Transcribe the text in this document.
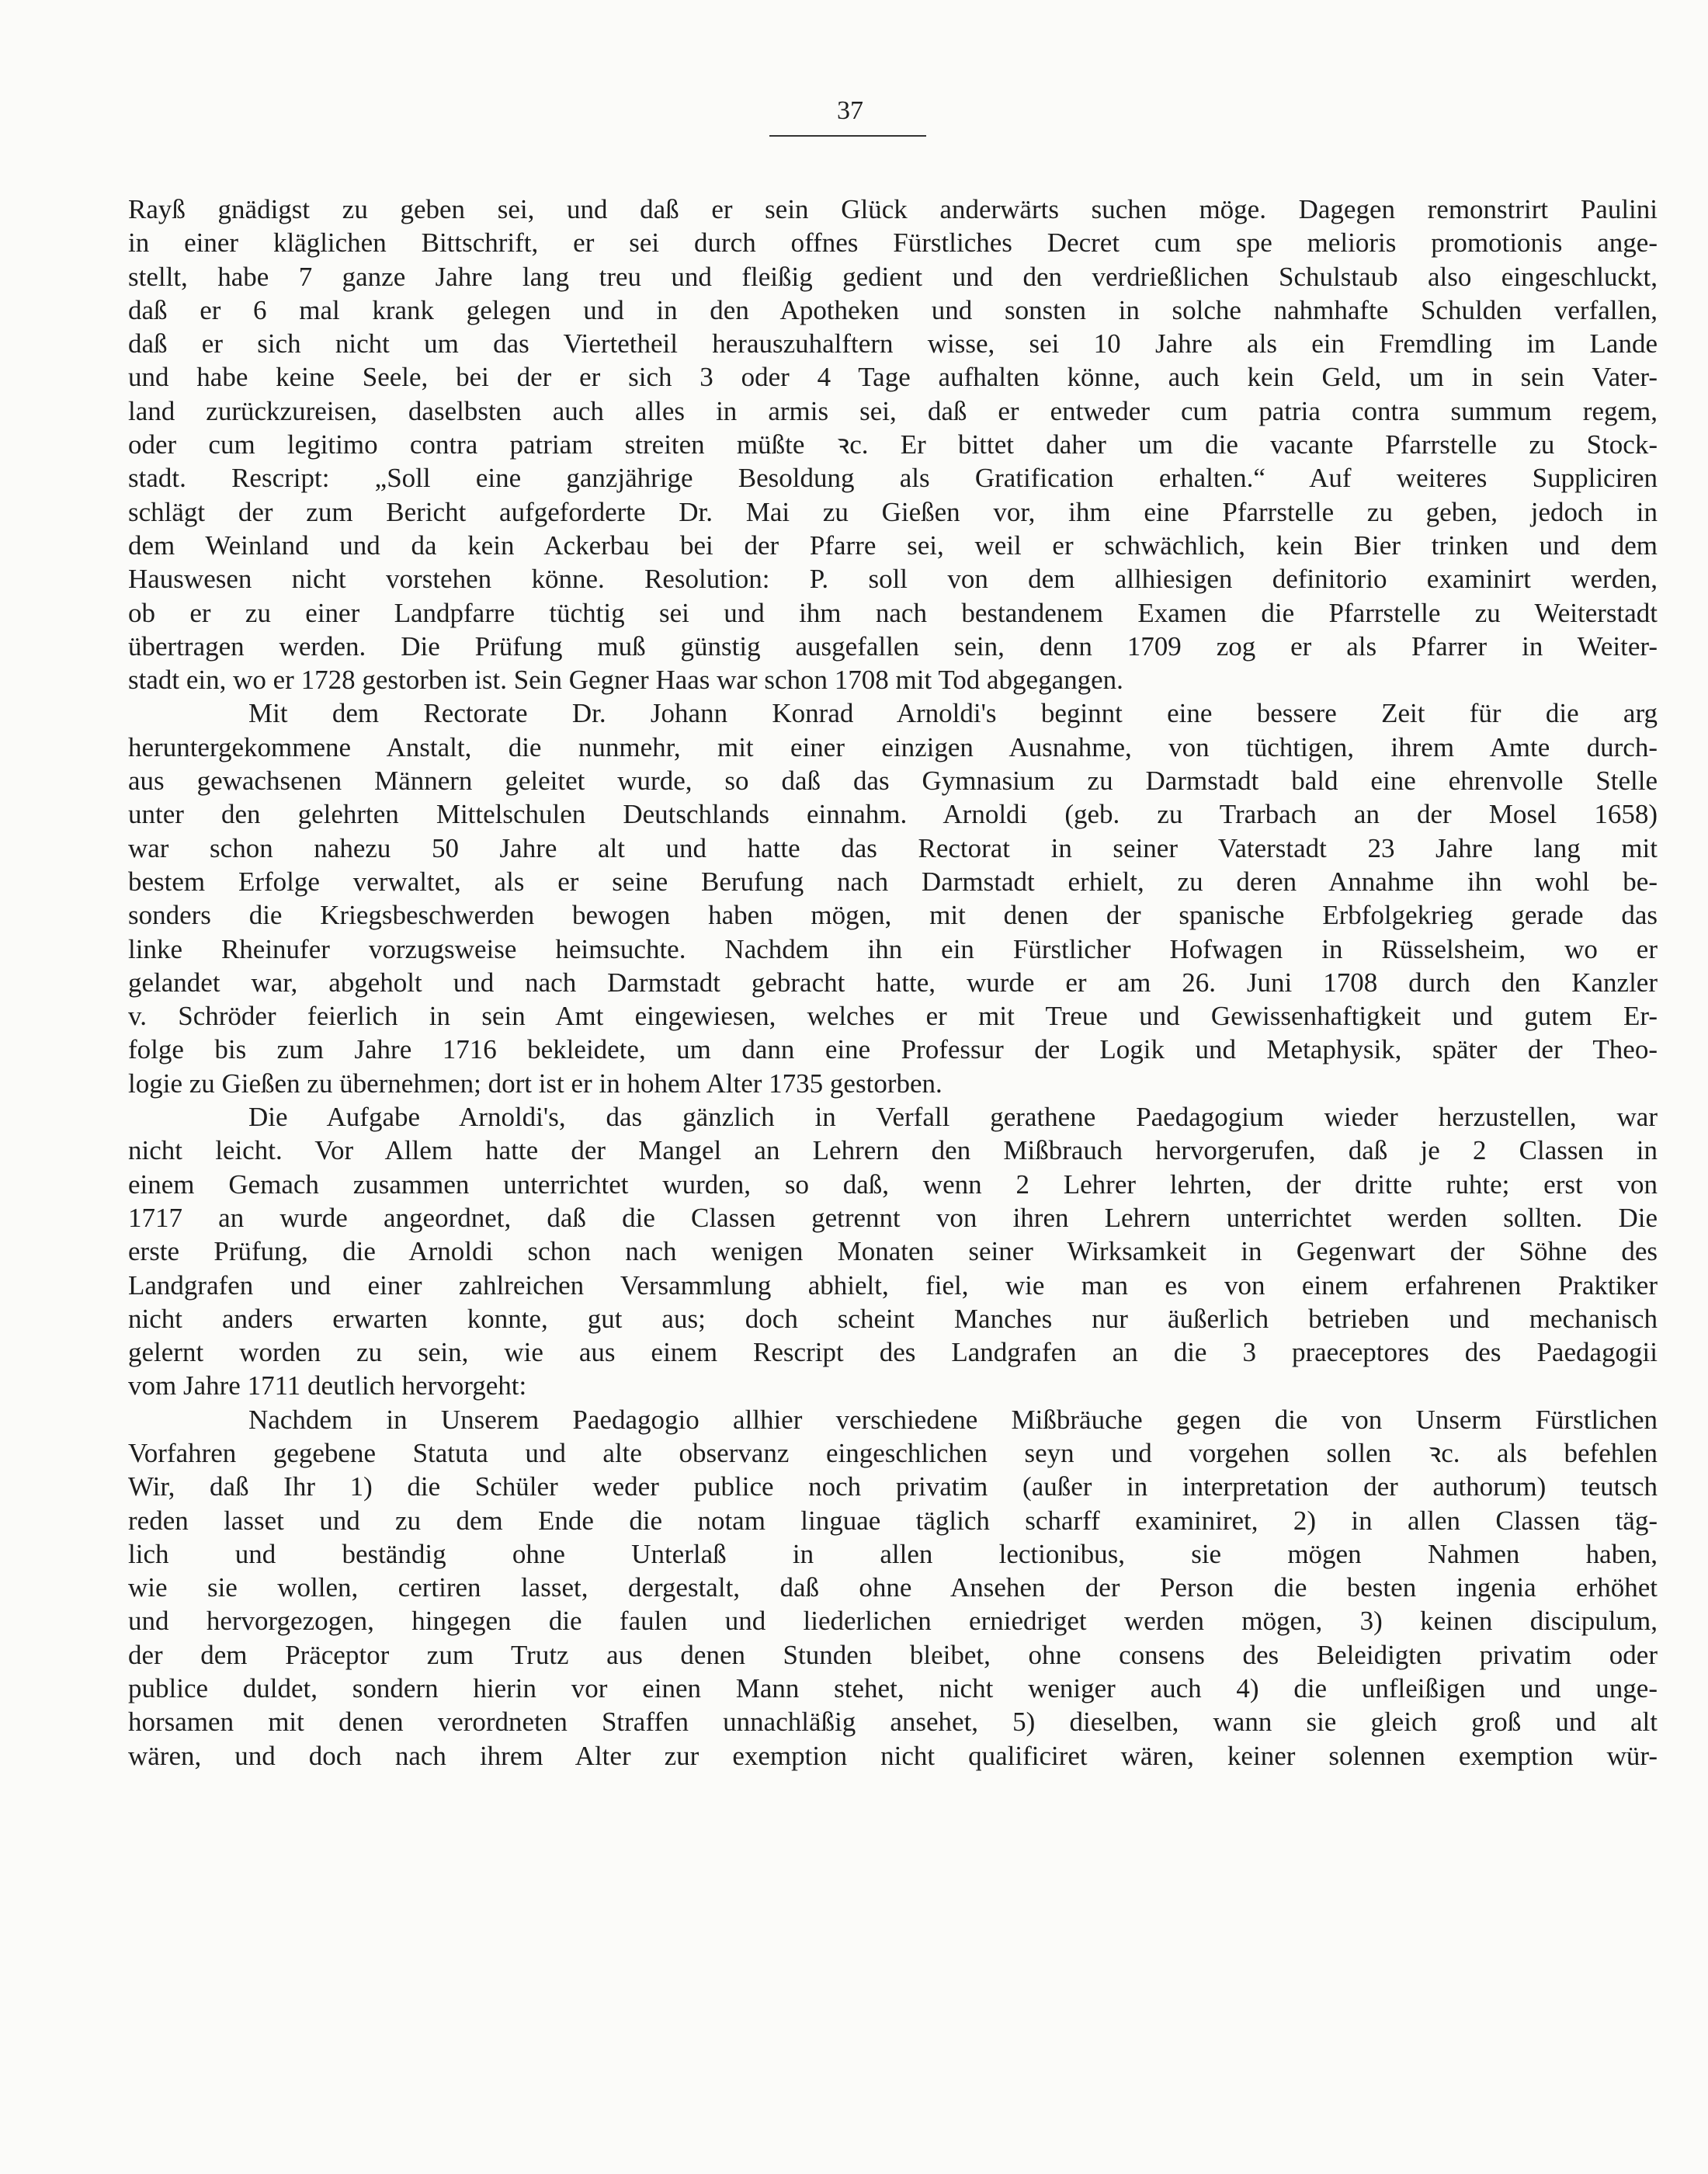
37
Rayß gnädigst zu geben sei, und daß er sein Glück anderwärts suchen möge. Dagegen remonstrirt Paulini
in einer kläglichen Bittschrift, er sei durch offnes Fürstliches Decret cum spe melioris promotionis ange-
stellt, habe 7 ganze Jahre lang treu und fleißig gedient und den verdrießlichen Schulstaub also eingeschluckt,
daß er 6 mal krank gelegen und in den Apotheken und sonsten in solche nahmhafte Schulden verfallen,
daß er sich nicht um das Viertetheil herauszuhalftern wisse, sei 10 Jahre als ein Fremdling im Lande
und habe keine Seele, bei der er sich 3 oder 4 Tage aufhalten könne, auch kein Geld, um in sein Vater-
land zurückzureisen, daselbsten auch alles in armis sei, daß er entweder cum patria contra summum regem,
oder cum legitimo contra patriam streiten müßte ꝛc. Er bittet daher um die vacante Pfarrstelle zu Stock-
stadt. Rescript: „Soll eine ganzjährige Besoldung als Gratification erhalten.“ Auf weiteres Suppliciren
schlägt der zum Bericht aufgeforderte Dr. Mai zu Gießen vor, ihm eine Pfarrstelle zu geben, jedoch in
dem Weinland und da kein Ackerbau bei der Pfarre sei, weil er schwächlich, kein Bier trinken und dem
Hauswesen nicht vorstehen könne. Resolution: P. soll von dem allhiesigen definitorio examinirt werden,
ob er zu einer Landpfarre tüchtig sei und ihm nach bestandenem Examen die Pfarrstelle zu Weiterstadt
übertragen werden. Die Prüfung muß günstig ausgefallen sein, denn 1709 zog er als Pfarrer in Weiter-
stadt ein, wo er 1728 gestorben ist. Sein Gegner Haas war schon 1708 mit Tod abgegangen.
Mit dem Rectorate Dr. Johann Konrad Arnoldi's beginnt eine bessere Zeit für die arg
heruntergekommene Anstalt, die nunmehr, mit einer einzigen Ausnahme, von tüchtigen, ihrem Amte durch-
aus gewachsenen Männern geleitet wurde, so daß das Gymnasium zu Darmstadt bald eine ehrenvolle Stelle
unter den gelehrten Mittelschulen Deutschlands einnahm. Arnoldi (geb. zu Trarbach an der Mosel 1658)
war schon nahezu 50 Jahre alt und hatte das Rectorat in seiner Vaterstadt 23 Jahre lang mit
bestem Erfolge verwaltet, als er seine Berufung nach Darmstadt erhielt, zu deren Annahme ihn wohl be-
sonders die Kriegsbeschwerden bewogen haben mögen, mit denen der spanische Erbfolgekrieg gerade das
linke Rheinufer vorzugsweise heimsuchte. Nachdem ihn ein Fürstlicher Hofwagen in Rüsselsheim, wo er
gelandet war, abgeholt und nach Darmstadt gebracht hatte, wurde er am 26. Juni 1708 durch den Kanzler
v. Schröder feierlich in sein Amt eingewiesen, welches er mit Treue und Gewissenhaftigkeit und gutem Er-
folge bis zum Jahre 1716 bekleidete, um dann eine Professur der Logik und Metaphysik, später der Theo-
logie zu Gießen zu übernehmen; dort ist er in hohem Alter 1735 gestorben.
Die Aufgabe Arnoldi's, das gänzlich in Verfall gerathene Paedagogium wieder herzustellen, war
nicht leicht. Vor Allem hatte der Mangel an Lehrern den Mißbrauch hervorgerufen, daß je 2 Classen in
einem Gemach zusammen unterrichtet wurden, so daß, wenn 2 Lehrer lehrten, der dritte ruhte; erst von
1717 an wurde angeordnet, daß die Classen getrennt von ihren Lehrern unterrichtet werden sollten. Die
erste Prüfung, die Arnoldi schon nach wenigen Monaten seiner Wirksamkeit in Gegenwart der Söhne des
Landgrafen und einer zahlreichen Versammlung abhielt, fiel, wie man es von einem erfahrenen Praktiker
nicht anders erwarten konnte, gut aus; doch scheint Manches nur äußerlich betrieben und mechanisch
gelernt worden zu sein, wie aus einem Rescript des Landgrafen an die 3 praeceptores des Paedagogii
vom Jahre 1711 deutlich hervorgeht:
Nachdem in Unserem Paedagogio allhier verschiedene Mißbräuche gegen die von Unserm Fürstlichen
Vorfahren gegebene Statuta und alte observanz eingeschlichen seyn und vorgehen sollen ꝛc. als befehlen
Wir, daß Ihr 1) die Schüler weder publice noch privatim (außer in interpretation der authorum) teutsch
reden lasset und zu dem Ende die notam linguae täglich scharff examiniret, 2) in allen Classen täg-
lich und beständig ohne Unterlaß in allen lectionibus, sie mögen Nahmen haben,
wie sie wollen, certiren lasset, dergestalt, daß ohne Ansehen der Person die besten ingenia erhöhet
und hervorgezogen, hingegen die faulen und liederlichen erniedriget werden mögen, 3) keinen discipulum,
der dem Präceptor zum Trutz aus denen Stunden bleibet, ohne consens des Beleidigten privatim oder
publice duldet, sondern hierin vor einen Mann stehet, nicht weniger auch 4) die unfleißigen und unge-
horsamen mit denen verordneten Straffen unnachläßig ansehet, 5) dieselben, wann sie gleich groß und alt
wären, und doch nach ihrem Alter zur exemption nicht qualificiret wären, keiner solennen exemption wür-
